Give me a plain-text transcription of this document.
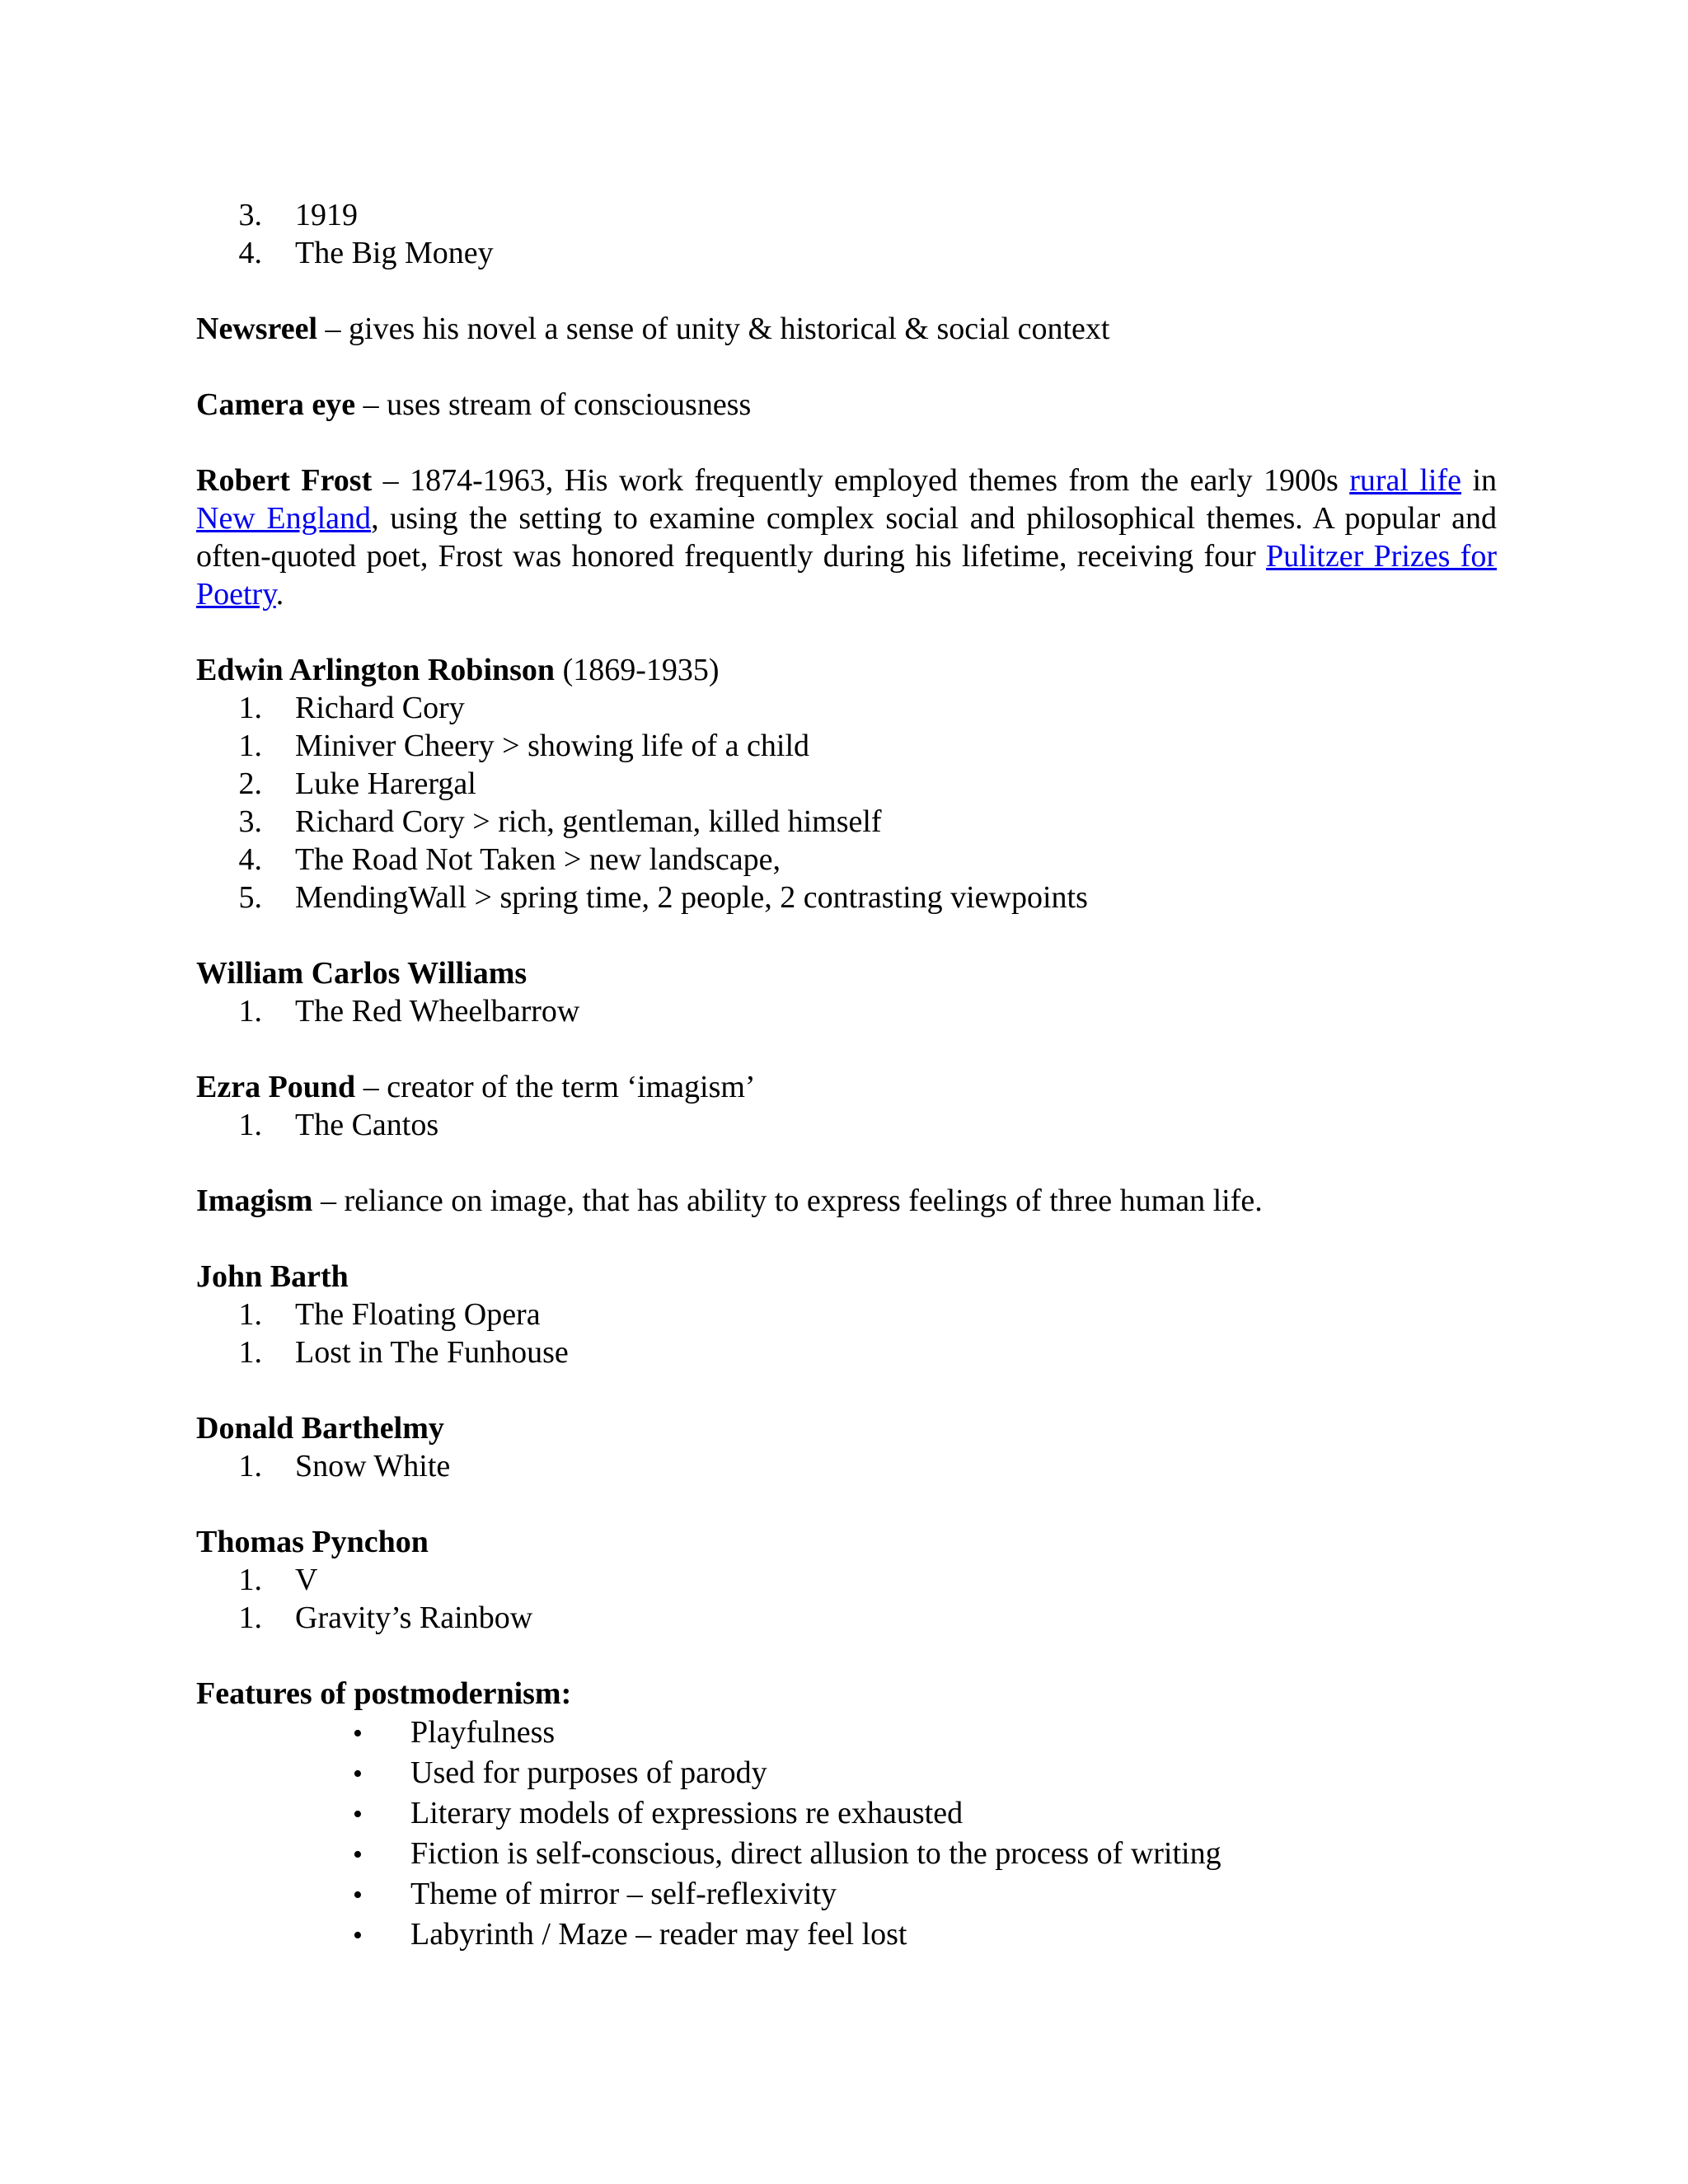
3. 1919
4. The Big Money
Newsreel – gives his novel a sense of unity & historical & social context
Camera eye – uses stream of consciousness
Robert Frost – 1874-1963, His work frequently employed themes from the early 1900s rural life in New England, using the setting to examine complex social and philosophical themes. A popular and often-quoted poet, Frost was honored frequently during his lifetime, receiving four Pulitzer Prizes for Poetry.
Edwin Arlington Robinson (1869-1935)
1. Richard Cory
1. Miniver Cheery > showing life of a child
2. Luke Harergal
3. Richard Cory > rich, gentleman, killed himself
4. The Road Not Taken > new landscape,
5. MendingWall > spring time, 2 people, 2 contrasting viewpoints
William Carlos Williams
1. The Red Wheelbarrow
Ezra Pound – creator of the term ‘imagism’
1. The Cantos
Imagism – reliance on image, that has ability to express feelings of three human life.
John Barth
1. The Floating Opera
1. Lost in The Funhouse
Donald Barthelmy
1. Snow White
Thomas Pynchon
1. V
1. Gravity’s Rainbow
Features of postmodernism:
• Playfulness
• Used for purposes of parody
• Literary models of expressions re exhausted
• Fiction is self-conscious, direct allusion to the process of writing
• Theme of mirror – self-reflexivity
• Labyrinth / Maze – reader may feel lost
